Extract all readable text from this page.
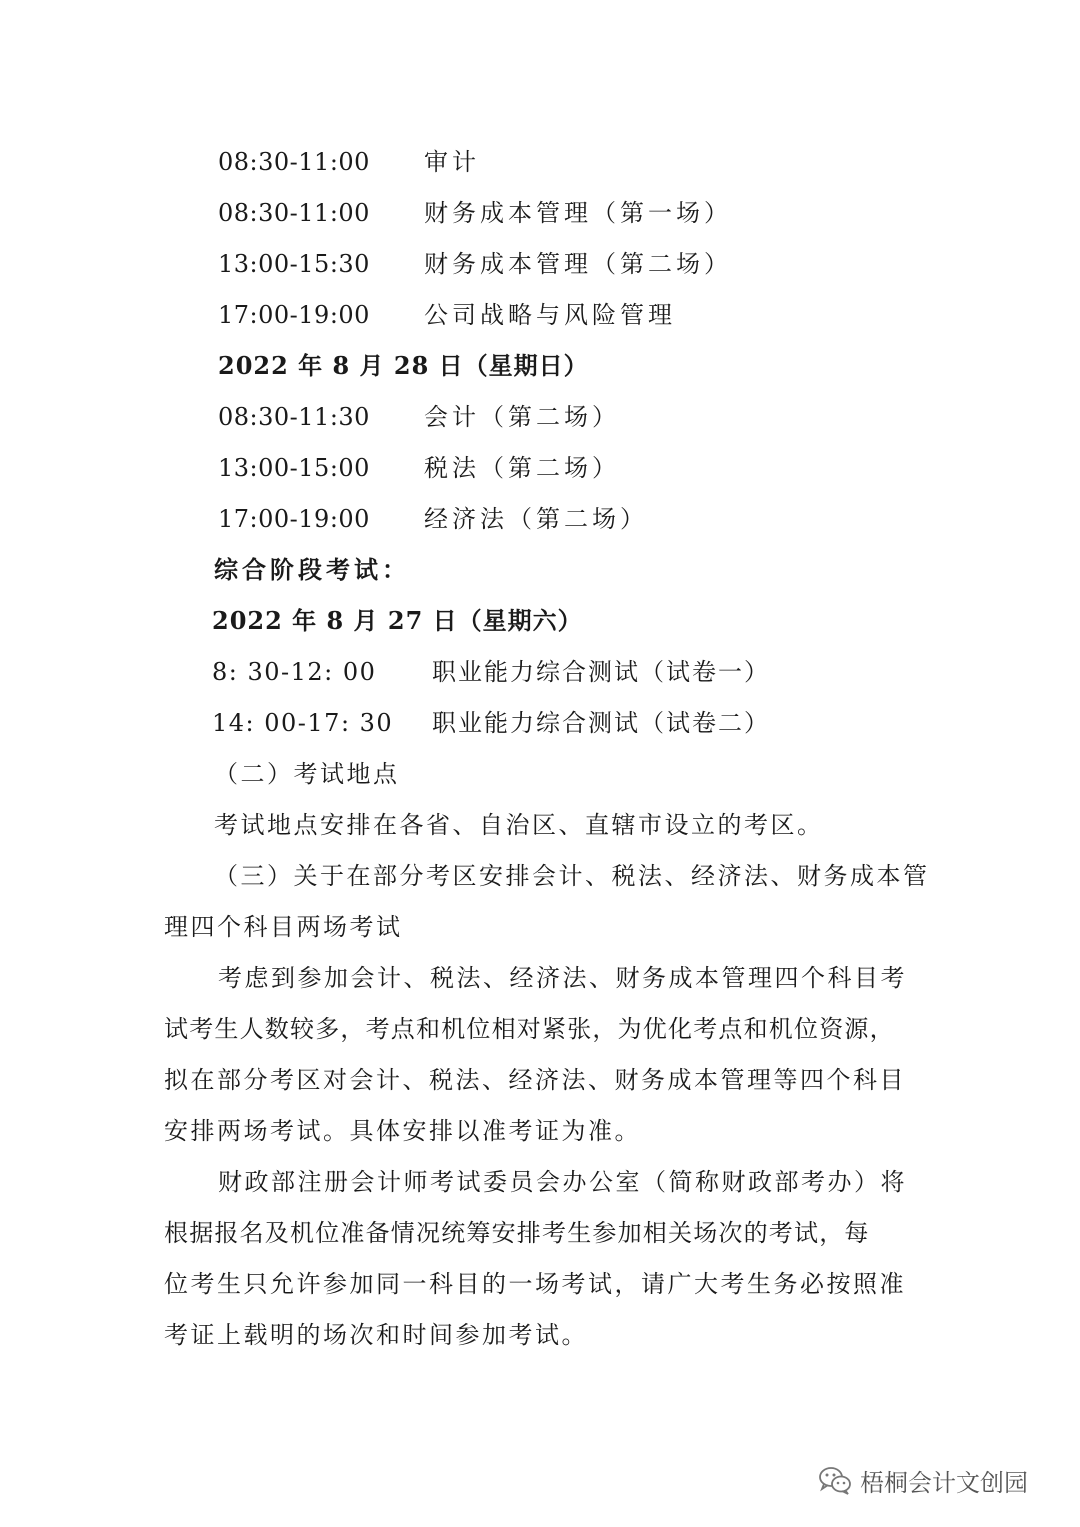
08:30-11:00 审计
08:30-11:00 财务成本管理（第一场）
13:00-15:30 财务成本管理（第二场）
17:00-19:00 公司战略与风险管理
2022 年 8 月 28 日（星期日）
08:30-11:30 会计（第二场）
13:00-15:00 税法（第二场）
17:00-19:00 经济法（第二场）
综合阶段考试：
2022 年 8 月 27 日（星期六）
8: 30-12: 00 职业能力综合测试（试卷一）
14: 00-17: 30 职业能力综合测试（试卷二）
（二）考试地点
考试地点安排在各省、自治区、直辖市设立的考区。
（三）关于在部分考区安排会计、税法、经济法、财务成本管
理四个科目两场考试
考虑到参加会计、税法、经济法、财务成本管理四个科目考
试考生人数较多，考点和机位相对紧张，为优化考点和机位资源，
拟在部分考区对会计、税法、经济法、财务成本管理等四个科目
安排两场考试。具体安排以准考证为准。
财政部注册会计师考试委员会办公室（简称财政部考办）将
根据报名及机位准备情况统筹安排考生参加相关场次的考试，每
位考生只允许参加同一科目的一场考试，请广大考生务必按照准
考证上载明的场次和时间参加考试。
梧桐会计文创园
